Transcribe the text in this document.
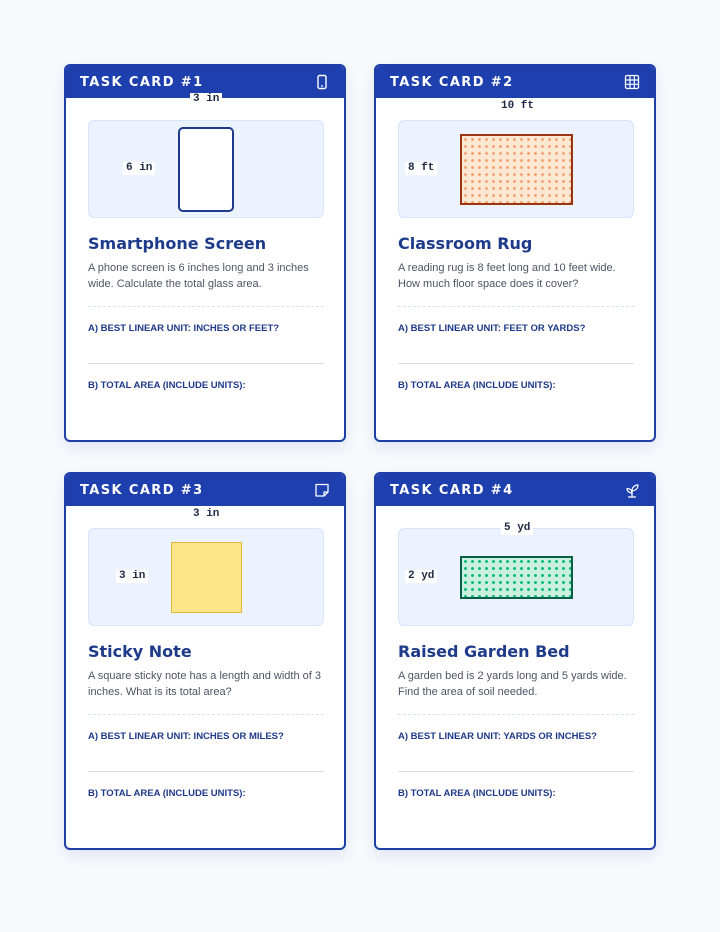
TASK CARD #1
3 in
6 in
Smartphone Screen
A phone screen is 6 inches long and 3 inches wide. Calculate the total glass area.
A) BEST LINEAR UNIT: INCHES OR FEET?
B) TOTAL AREA (INCLUDE UNITS):
TASK CARD #2
10 ft
8 ft
Classroom Rug
A reading rug is 8 feet long and 10 feet wide. How much floor space does it cover?
A) BEST LINEAR UNIT: FEET OR YARDS?
B) TOTAL AREA (INCLUDE UNITS):
TASK CARD #3
3 in
3 in
Sticky Note
A square sticky note has a length and width of 3 inches. What is its total area?
A) BEST LINEAR UNIT: INCHES OR MILES?
B) TOTAL AREA (INCLUDE UNITS):
TASK CARD #4
5 yd
2 yd
Raised Garden Bed
A garden bed is 2 yards long and 5 yards wide. Find the area of soil needed.
A) BEST LINEAR UNIT: YARDS OR INCHES?
B) TOTAL AREA (INCLUDE UNITS):
